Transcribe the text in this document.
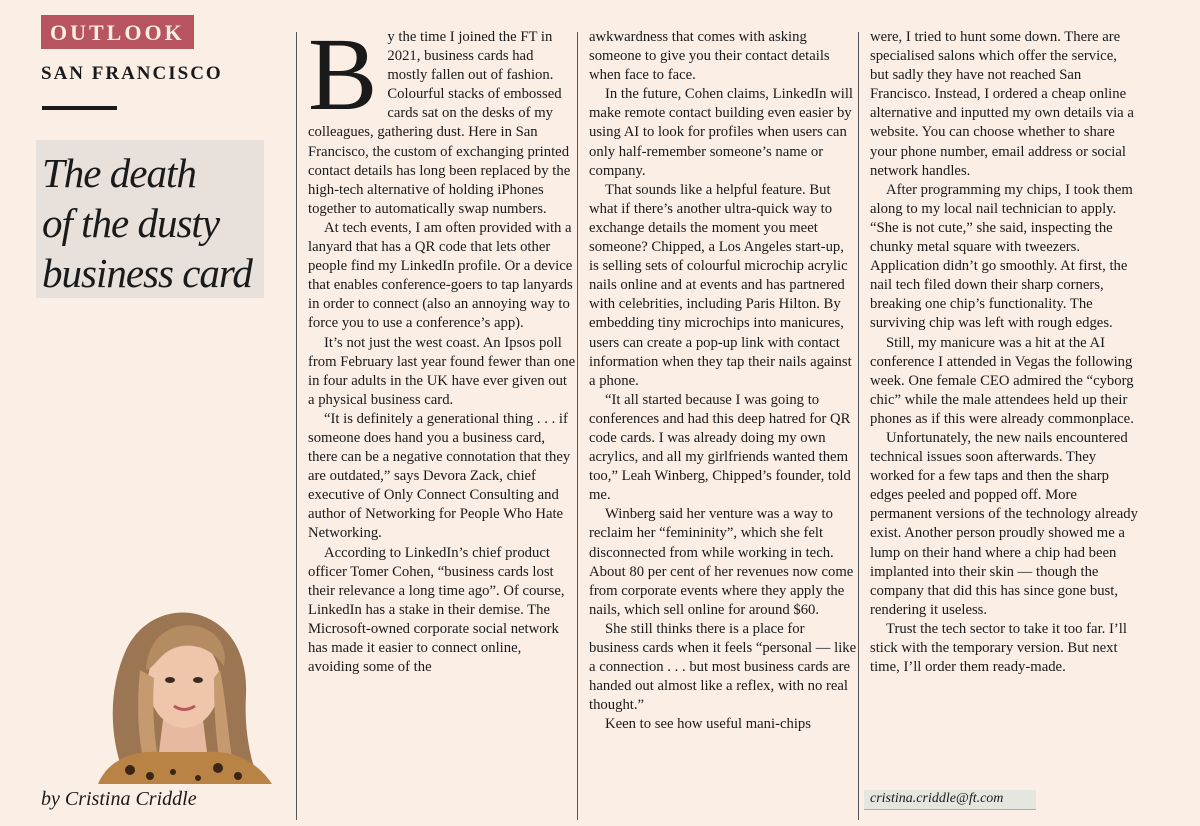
OUTLOOK
SAN FRANCISCO
The death
of the dusty
business card
by Cristina Criddle

By the time I joined the FT in 2021, business cards had mostly fallen out of fashion. Colourful stacks of embossed cards sat on the desks of my colleagues, gathering dust. Here in San Francisco, the custom of exchanging printed contact details has long been replaced by the high-tech alternative of holding iPhones together to automatically swap numbers.

At tech events, I am often provided with a lanyard that has a QR code that lets other people find my LinkedIn profile. Or a device that enables conference-goers to tap lanyards in order to connect (also an annoying way to force you to use a conference’s app).

It’s not just the west coast. An Ipsos poll from February last year found fewer than one in four adults in the UK have ever given out a physical business card.

“It is definitely a generational thing . . . if someone does hand you a business card, there can be a negative connotation that they are outdated,” says Devora Zack, chief executive of Only Connect Consulting and author of Networking for People Who Hate Networking.

According to LinkedIn’s chief product officer Tomer Cohen, “business cards lost their relevance a long time ago”. Of course, LinkedIn has a stake in their demise. The Microsoft-owned corporate social network has made it easier to connect online, avoiding some of the

awkwardness that comes with asking someone to give you their contact details when face to face.

In the future, Cohen claims, LinkedIn will make remote contact building even easier by using AI to look for profiles when users can only half-remember someone’s name or company.

That sounds like a helpful feature. But what if there’s another ultra-quick way to exchange details the moment you meet someone? Chipped, a Los Angeles start-up, is selling sets of colourful microchip acrylic nails online and at events and has partnered with celebrities, including Paris Hilton. By embedding tiny microchips into manicures, users can create a pop-up link with contact information when they tap their nails against a phone.

“It all started because I was going to conferences and had this deep hatred for QR code cards. I was already doing my own acrylics, and all my girlfriends wanted them too,” Leah Winberg, Chipped’s founder, told me.

Winberg said her venture was a way to reclaim her “femininity”, which she felt disconnected from while working in tech. About 80 per cent of her revenues now come from corporate events where they apply the nails, which sell online for around $60.

She still thinks there is a place for business cards when it feels “personal — like a connection . . . but most business cards are handed out almost like a reflex, with no real thought.”

Keen to see how useful mani-chips

were, I tried to hunt some down. There are specialised salons which offer the service, but sadly they have not reached San Francisco. Instead, I ordered a cheap online alternative and inputted my own details via a website. You can choose whether to share your phone number, email address or social network handles.

After programming my chips, I took them along to my local nail technician to apply. “She is not cute,” she said, inspecting the chunky metal square with tweezers. Application didn’t go smoothly. At first, the nail tech filed down their sharp corners, breaking one chip’s functionality. The surviving chip was left with rough edges.

Still, my manicure was a hit at the AI conference I attended in Vegas the following week. One female CEO admired the “cyborg chic” while the male attendees held up their phones as if this were already commonplace.

Unfortunately, the new nails encountered technical issues soon afterwards. They worked for a few taps and then the sharp edges peeled and popped off. More permanent versions of the technology already exist. Another person proudly showed me a lump on their hand where a chip had been implanted into their skin — though the company that did this has since gone bust, rendering it useless.

Trust the tech sector to take it too far. I’ll stick with the temporary version. But next time, I’ll order them ready-made.

cristina.criddle@ft.com
